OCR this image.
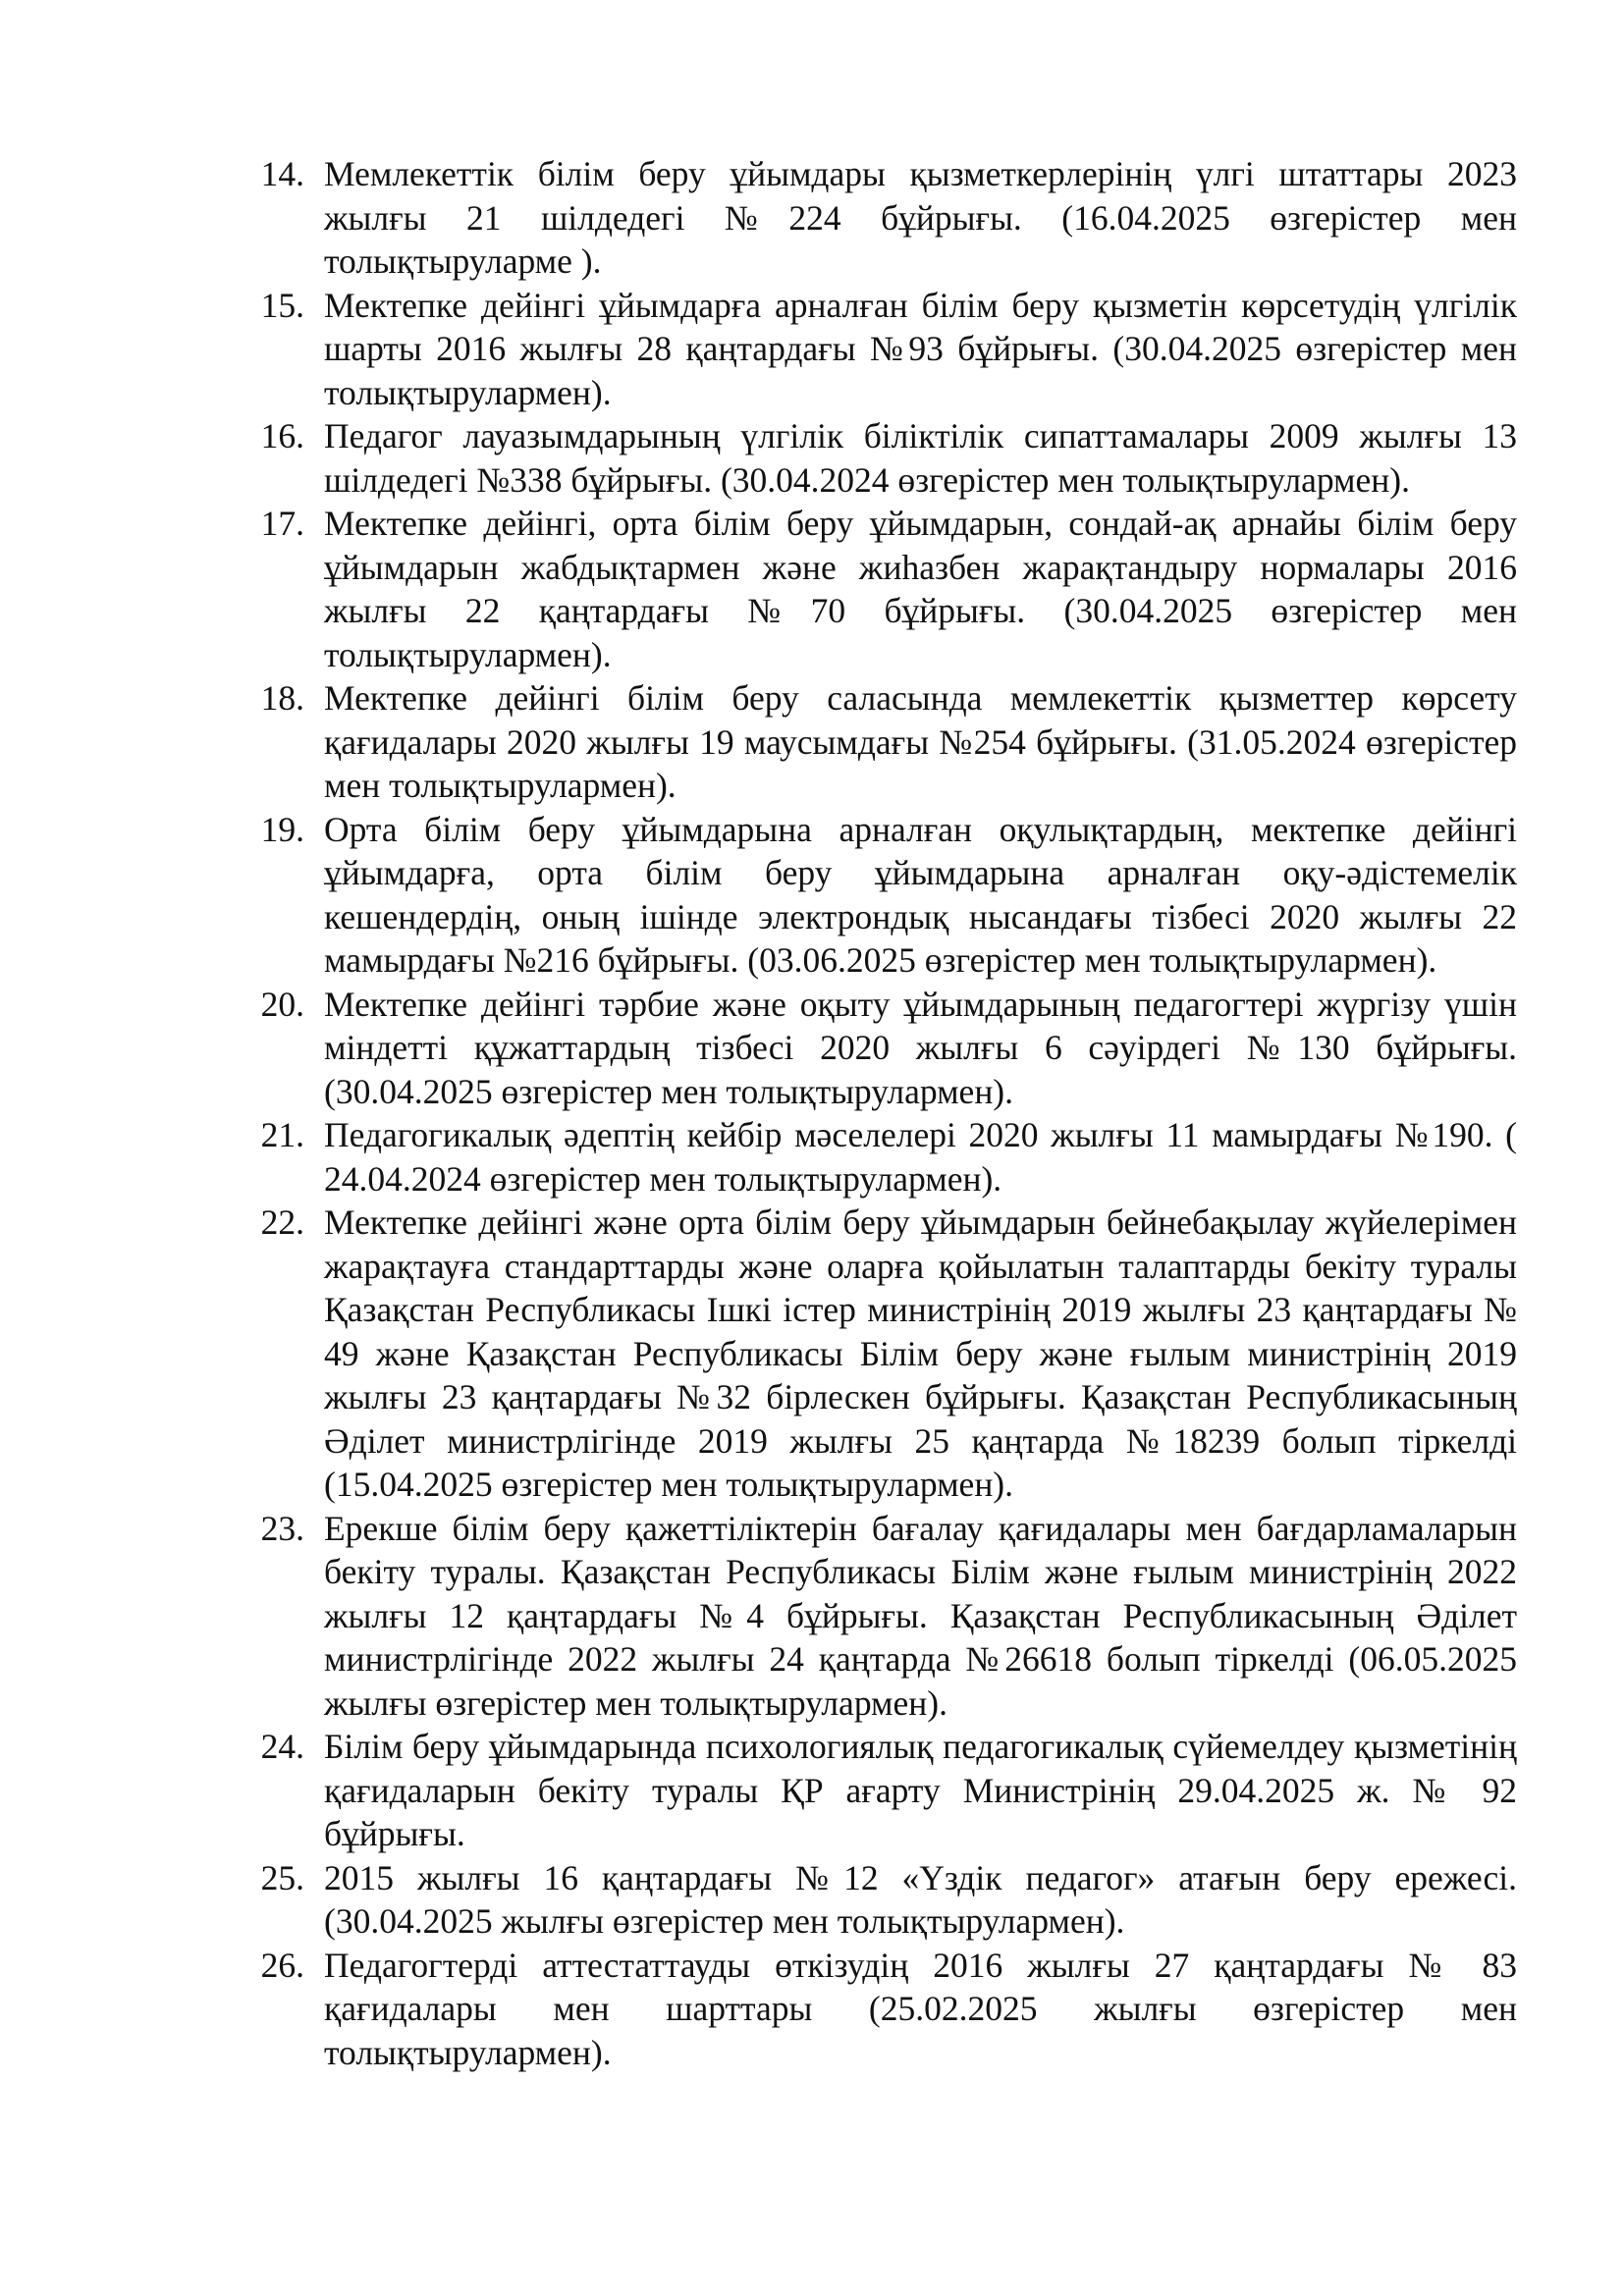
14. Мемлекеттік білім беру ұйымдары қызметкерлерінің үлгі штаттары 2023 жылғы 21 шілдедегі №224 бұйрығы. (16.04.2025 өзгерістер мен толықтыруларме ).
15. Мектепке дейінгі ұйымдарға арналған білім беру қызметін көрсетудің үлгілік шарты 2016 жылғы 28 қаңтардағы №93 бұйрығы. (30.04.2025 өзгерістер мен толықтырулармен).
16. Педагог лауазымдарының үлгілік біліктілік сипаттамалары 2009 жылғы 13 шілдедегі №338 бұйрығы. (30.04.2024 өзгерістер мен толықтырулармен).
17. Мектепке дейінгі, орта білім беру ұйымдарын, сондай-ақ арнайы білім беру ұйымдарын жабдықтармен және жиһазбен жарақтандыру нормалары 2016 жылғы 22 қаңтардағы №70 бұйрығы. (30.04.2025 өзгерістер мен толықтырулармен).
18. Мектепке дейінгі білім беру саласында мемлекеттік қызметтер көрсету қағидалары 2020 жылғы 19 маусымдағы №254 бұйрығы. (31.05.2024 өзгерістер мен толықтырулармен).
19. Орта білім беру ұйымдарына арналған оқулықтардың, мектепке дейінгі ұйымдарға, орта білім беру ұйымдарына арналған оқу-әдістемелік кешендердің, оның ішінде электрондық нысандағы тізбесі 2020 жылғы 22 мамырдағы №216 бұйрығы. (03.06.2025 өзгерістер мен толықтырулармен).
20. Мектепке дейінгі тәрбие және оқыту ұйымдарының педагогтері жүргізу үшін міндетті құжаттардың тізбесі 2020 жылғы 6 сәуірдегі №130 бұйрығы. (30.04.2025 өзгерістер мен толықтырулармен).
21. Педагогикалық әдептің кейбір мәселелері 2020 жылғы 11 мамырдағы №190. ( 24.04.2024 өзгерістер мен толықтырулармен).
22. Мектепке дейінгі және орта білім беру ұйымдарын бейнебақылау жүйелерімен жарақтауға стандарттарды және оларға қойылатын талаптарды бекіту туралы Қазақстан Республикасы Ішкі істер министрінің 2019 жылғы 23 қаңтардағы № 49 және Қазақстан Республикасы Білім беру және ғылым министрінің 2019 жылғы 23 қаңтардағы №32 бірлескен бұйрығы. Қазақстан Республикасының Әділет министрлігінде 2019 жылғы 25 қаңтарда №18239 болып тіркелді (15.04.2025 өзгерістер мен толықтырулармен).
23. Ерекше білім беру қажеттіліктерін бағалау қағидалары мен бағдарламаларын бекіту туралы. Қазақстан Республикасы Білім және ғылым министрінің 2022 жылғы 12 қаңтардағы №4 бұйрығы. Қазақстан Республикасының Әділет министрлігінде 2022 жылғы 24 қаңтарда №26618 болып тіркелді (06.05.2025 жылғы өзгерістер мен толықтырулармен).
24. Білім беру ұйымдарында психологиялық педагогикалық сүйемелдеу қызметінің қағидаларын бекіту туралы ҚР ағарту Министрінің 29.04.2025 ж. № 92 бұйрығы.
25. 2015 жылғы 16 қаңтардағы №12 «Үздік педагог» атағын беру ережесі. (30.04.2025 жылғы өзгерістер мен толықтырулармен).
26. Педагогтерді аттестаттауды өткізудің 2016 жылғы 27 қаңтардағы № 83 қағидалары мен шарттары (25.02.2025 жылғы өзгерістер мен толықтырулармен).
